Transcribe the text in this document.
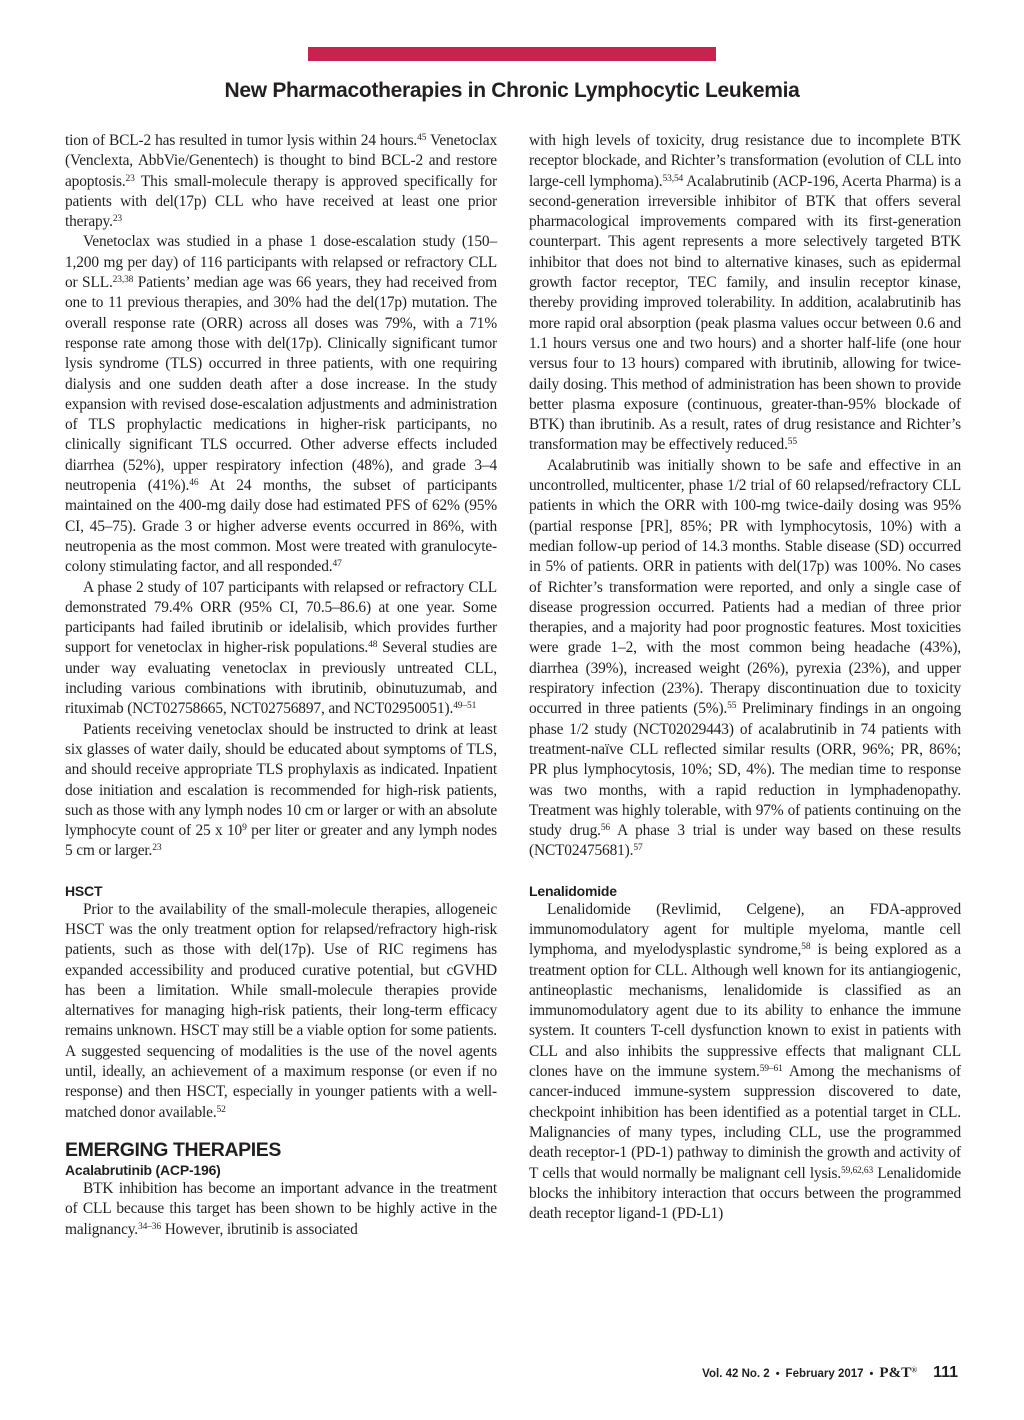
New Pharmacotherapies in Chronic Lymphocytic Leukemia

tion of BCL-2 has resulted in tumor lysis within 24 hours.$^{45}$ Venetoclax (Venclexta, AbbVie/Genentech) is thought to bind BCL-2 and restore apoptosis.$^{23}$ This small-molecule therapy is approved specifically for patients with del(17p) CLL who have received at least one prior therapy.$^{23}$

Venetoclax was studied in a phase 1 dose-escalation study (150–1,200 mg per day) of 116 participants with relapsed or refractory CLL or SLL.$^{23,38}$ Patients’ median age was 66 years, they had received from one to 11 previous therapies, and 30% had the del(17p) mutation. The overall response rate (ORR) across all doses was 79%, with a 71% response rate among those with del(17p). Clinically significant tumor lysis syndrome (TLS) occurred in three patients, with one requiring dialysis and one sudden death after a dose increase. In the study expansion with revised dose-escalation adjustments and administration of TLS prophylactic medications in higher-risk participants, no clinically significant TLS occurred. Other adverse effects included diarrhea (52%), upper respiratory infection (48%), and grade 3–4 neutropenia (41%).$^{46}$ At 24 months, the subset of participants maintained on the 400-mg daily dose had estimated PFS of 62% (95% CI, 45–75). Grade 3 or higher adverse events occurred in 86%, with neutropenia as the most common. Most were treated with granulocyte-colony stimulating factor, and all responded.$^{47}$

A phase 2 study of 107 participants with relapsed or refractory CLL demonstrated 79.4% ORR (95% CI, 70.5–86.6) at one year. Some participants had failed ibrutinib or idelalisib, which provides further support for venetoclax in higher-risk populations.$^{48}$ Several studies are under way evaluating venetoclax in previously untreated CLL, including various combinations with ibrutinib, obinutuzumab, and rituximab (NCT02758665, NCT02756897, and NCT02950051).$^{49-51}$

Patients receiving venetoclax should be instructed to drink at least six glasses of water daily, should be educated about symptoms of TLS, and should receive appropriate TLS prophylaxis as indicated. Inpatient dose initiation and escalation is recommended for high-risk patients, such as those with any lymph nodes 10 cm or larger or with an absolute lymphocyte count of 25 x $10^9$ per liter or greater and any lymph nodes 5 cm or larger.$^{23}$

HSCT

Prior to the availability of the small-molecule therapies, allogeneic HSCT was the only treatment option for relapsed/refractory high-risk patients, such as those with del(17p). Use of RIC regimens has expanded accessibility and produced curative potential, but cGVHD has been a limitation. While small-molecule therapies provide alternatives for managing high-risk patients, their long-term efficacy remains unknown. HSCT may still be a viable option for some patients. A suggested sequencing of modalities is the use of the novel agents until, ideally, an achievement of a maximum response (or even if no response) and then HSCT, especially in younger patients with a well-matched donor available.$^{52}$

EMERGING THERAPIES
Acalabrutinib (ACP-196)

BTK inhibition has become an important advance in the treatment of CLL because this target has been shown to be highly active in the malignancy.$^{34-36}$ However, ibrutinib is associated

with high levels of toxicity, drug resistance due to incomplete BTK receptor blockade, and Richter’s transformation (evolution of CLL into large-cell lymphoma).$^{53,54}$ Acalabrutinib (ACP-196, Acerta Pharma) is a second-generation irreversible inhibitor of BTK that offers several pharmacological improvements compared with its first-generation counterpart. This agent represents a more selectively targeted BTK inhibitor that does not bind to alternative kinases, such as epidermal growth factor receptor, TEC family, and insulin receptor kinase, thereby providing improved tolerability. In addition, acalabrutinib has more rapid oral absorption (peak plasma values occur between 0.6 and 1.1 hours versus one and two hours) and a shorter half-life (one hour versus four to 13 hours) compared with ibrutinib, allowing for twice-daily dosing. This method of administration has been shown to provide better plasma exposure (continuous, greater-than-95% blockade of BTK) than ibrutinib. As a result, rates of drug resistance and Richter’s transformation may be effectively reduced.$^{55}$

Acalabrutinib was initially shown to be safe and effective in an uncontrolled, multicenter, phase 1/2 trial of 60 relapsed/refractory CLL patients in which the ORR with 100-mg twice-daily dosing was 95% (partial response [PR], 85%; PR with lymphocytosis, 10%) with a median follow-up period of 14.3 months. Stable disease (SD) occurred in 5% of patients. ORR in patients with del(17p) was 100%. No cases of Richter’s transformation were reported, and only a single case of disease progression occurred. Patients had a median of three prior therapies, and a majority had poor prognostic features. Most toxicities were grade 1–2, with the most common being headache (43%), diarrhea (39%), increased weight (26%), pyrexia (23%), and upper respiratory infection (23%). Therapy discontinuation due to toxicity occurred in three patients (5%).$^{55}$ Preliminary findings in an ongoing phase 1/2 study (NCT02029443) of acalabrutinib in 74 patients with treatment-naïve CLL reflected similar results (ORR, 96%; PR, 86%; PR plus lymphocytosis, 10%; SD, 4%). The median time to response was two months, with a rapid reduction in lymphadenopathy. Treatment was highly tolerable, with 97% of patients continuing on the study drug.$^{56}$ A phase 3 trial is under way based on these results (NCT02475681).$^{57}$

Lenalidomide

Lenalidomide (Revlimid, Celgene), an FDA-approved immunomodulatory agent for multiple myeloma, mantle cell lymphoma, and myelodysplastic syndrome,$^{58}$ is being explored as a treatment option for CLL. Although well known for its antiangiogenic, antineoplastic mechanisms, lenalidomide is classified as an immunomodulatory agent due to its ability to enhance the immune system. It counters T-cell dysfunction known to exist in patients with CLL and also inhibits the suppressive effects that malignant CLL clones have on the immune system.$^{59-61}$ Among the mechanisms of cancer-induced immune-system suppression discovered to date, checkpoint inhibition has been identified as a potential target in CLL. Malignancies of many types, including CLL, use the programmed death receptor-1 (PD-1) pathway to diminish the growth and activity of T cells that would normally be malignant cell lysis.$^{59,62,63}$ Lenalidomide blocks the inhibitory interaction that occurs between the programmed death receptor ligand-1 (PD-L1)

Vol. 42 No. 2 • February 2017 • P&T® 111
